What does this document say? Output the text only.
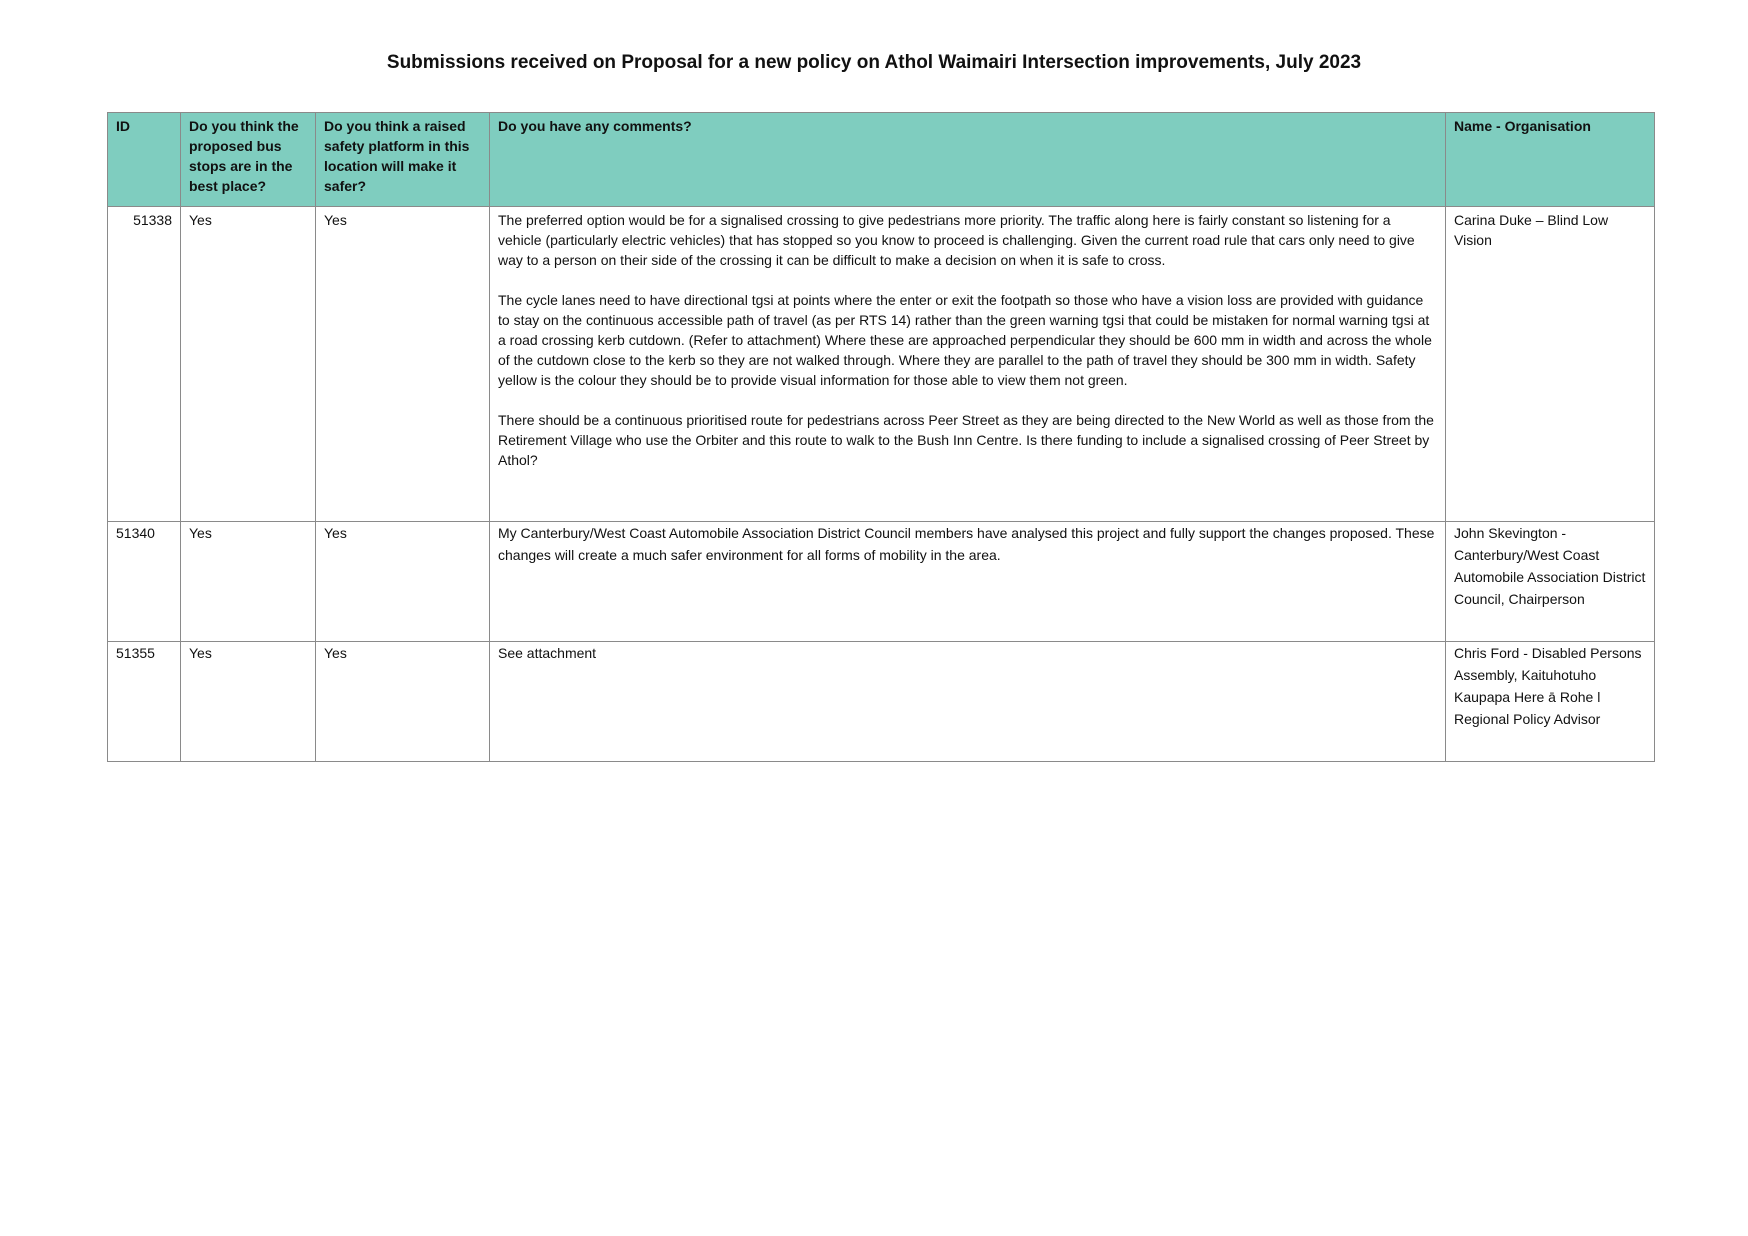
Submissions received on Proposal for a new policy on Athol Waimairi Intersection improvements, July 2023
ID	Do you think the proposed bus stops are in the best place?	Do you think a raised safety platform in this location will make it safer?	Do you have any comments?	Name - Organisation
51338	Yes	Yes	The preferred option would be for a signalised crossing to give pedestrians more priority. The traffic along here is fairly constant so listening for a vehicle (particularly electric vehicles) that has stopped so you know to proceed is challenging. Given the current road rule that cars only need to give way to a person on their side of the crossing it can be difficult to make a decision on when it is safe to cross.

The cycle lanes need to have directional tgsi at points where the enter or exit the footpath so those who have a vision loss are provided with guidance to stay on the continuous accessible path of travel (as per RTS 14) rather than the green warning tgsi that could be mistaken for normal warning tgsi at a road crossing kerb cutdown. (Refer to attachment) Where these are approached perpendicular they should be 600 mm in width and across the whole of the cutdown close to the kerb so they are not walked through. Where they are parallel to the path of travel they should be 300 mm in width. Safety yellow is the colour they should be to provide visual information for those able to view them not green.

There should be a continuous prioritised route for pedestrians across Peer Street as they are being directed to the New World as well as those from the Retirement Village who use the Orbiter and this route to walk to the Bush Inn Centre. Is there funding to include a signalised crossing of Peer Street by Athol?	Carina Duke – Blind Low Vision
51340	Yes	Yes	My Canterbury/West Coast Automobile Association District Council members have analysed this project and fully support the changes proposed. These changes will create a much safer environment for all forms of mobility in the area.	John Skevington - Canterbury/West Coast Automobile Association District Council, Chairperson
51355	Yes	Yes	See attachment	Chris Ford - Disabled Persons Assembly, Kaituhotuho Kaupapa Here ā Rohe l Regional Policy Advisor
